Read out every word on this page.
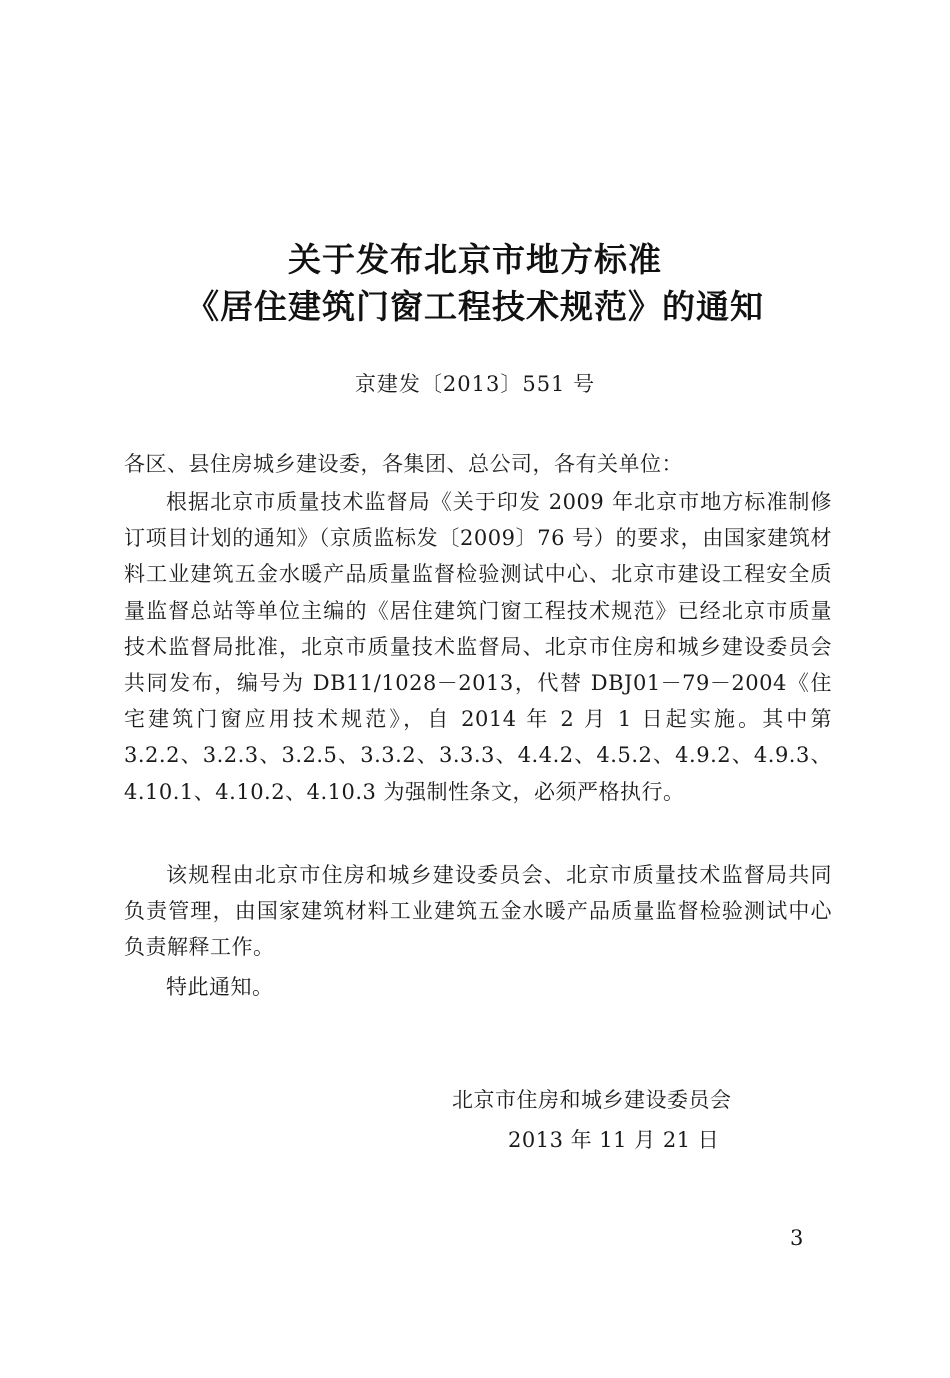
关于发布北京市地方标准
《居住建筑门窗工程技术规范》的通知
京建发〔2013〕551 号
各区、县住房城乡建设委，各集团、总公司，各有关单位：

根据北京市质量技术监督局《关于印发 2009 年北京市地方标准制修订项目计划的通知》（京质监标发〔2009〕76 号）的要求，由国家建筑材料工业建筑五金水暖产品质量监督检验测试中心、北京市建设工程安全质量监督总站等单位主编的《居住建筑门窗工程技术规范》已经北京市质量技术监督局批准，北京市质量技术监督局、北京市住房和城乡建设委员会共同发布，编号为 DB11/1028－2013，代替 DBJ01－79－2004《住宅建筑门窗应用技术规范》，自 2014 年 2 月 1 日起实施。其中第 3.2.2、3.2.3、3.2.5、3.3.2、3.3.3、4.4.2、4.5.2、4.9.2、4.9.3、4.10.1、4.10.2、4.10.3 为强制性条文，必须严格执行。

该规程由北京市住房和城乡建设委员会、北京市质量技术监督局共同负责管理，由国家建筑材料工业建筑五金水暖产品质量监督检验测试中心负责解释工作。

特此通知。

北京市住房和城乡建设委员会
2013 年 11 月 21 日
3
